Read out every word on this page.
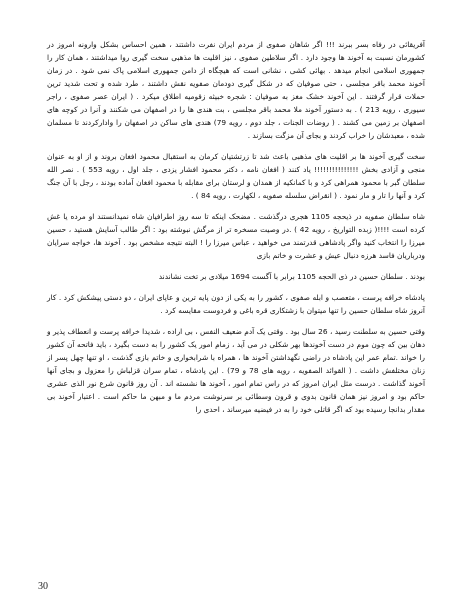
آفریقائی در رفاه بسر ببرند !!! اگر شاهان صفوی از مردم ایران نفرت داشتند ، همین احساس بشکل وارونه امروز در کشورمان نسبت به آخوند ها وجود دارد . اگر سلاطین صفوی ، نیز اقلیت ها مذهبی سخت گیری روا میداشتند ، همان کار را جمهوری اسلامی انجام میدهد . بهائی کشی ، نشانی است که هیچگاه از دامن جمهوری اسلامی پاک نمی شود . در زمان آخوند محمد باقر مجلسی ، حتی صوفیان که در شکل گیری دودمان صفویه نقش داشتند ، طرد شده و تحت شدید ترین حملات قرار گرفتند . این آخوند خشک مغز به صوفیان : شجره خبیثه زقومیه اطلاق میکرد . ( ایران عصر صفوی ، راجر سیوری ، رویه 213 ) . به دستور آخوند ملا محمد باقر مجلسی ، بت هندی ها را در اصفهان می شکنند و آنرا در کوچه های اصفهان بر زمین می کشند . ( روضات الجنات ، جلد دوم ، رویه 79) هندی های ساکن در اصفهان را وادارکردند تا مسلمان شده ، معبدشان را خراب کردند و بجای آن مزگت بسازند .

سخت گیری آخوند ها بر اقلیت های مذهبی باعث شد تا زرتشتیان کرمان به استقبال محمود افغان بروند و از او به عنوان منجی و آزادی بخش !!!!!!!!!!!!!!! یاد کنند ( افغان نامه ، دکتر محمود افشار یزدی ، جلد اول ، رویه 553 ) . نصر الله سلطان گبر با محمود همراهی کرد و با کمانکیه از همدان و لرستان برای مقابله با محمود افغان آماده بودند ، رجل با آن جنگ کرد و آنها را تار و مار نمود . ( انقراض سلسله صفویه ، لکهارت ، رویه 84 ) .

شاه سلطان صفویه در ذیحجه 1105 هجری درگذشت . مضحک اینکه تا سه روز اطرافیان شاه نمیدانستند او مرده یا غش کرده است !!!!( زبده التواریخ ، رویه 42 ) .در وصیت مسخره تر از مرگش نبوشته بود : اگر طالب آسایش هستید ، حسین میرزا را انتخاب کنید واگر پادشاهی قدرتمند می خواهید ، عباس میرزا را ! البته نتیجه مشخص بود . آخوند ها، خواجه سرایان ودرباریان فاسد هرزه دنبال عیش و عشرت و خاتم بازی

بودند . سلطان حسین در ذی الحجه 1105 برابر با آگست 1694 میلادی بر تخت نشاندند

پادشاه خرافه پرست ، متعصب و ابله صفوی ، کشور را به یکی از دون پایه ترین و عاپای ایران ، دو دستی پیشکش کرد . کار آنروز شاه سلطان حسین را تنها میتوان با زشتکاری قره باغی و فردوست مقایسه کرد .

وقتی حسین به سلطنت رسید ، 26 سال بود . وقتی یک آدم ضعیف النفس ، بی اراده ، شدیدا خرافه پرست و انعطاف پذیر و دهان بین که چون موم در دست آخوندها بهر شکلی در می آید ، زمام امور یک کشور را به دست بگیرد ، باید فاتحه آن کشور را خواند .تمام عمر این پادشاه در راضی نگهداشتن آخوند ها ، همراه با شرابخواری و خاتم بازی گذشت ، او تنها چهل پسر از زنان مختلفش داشت . ( القوائد الصفویه ، رویه های 78 و 79) . این پادشاه ، تمام سران قزلباش را معزول و بجای آنها آخوند گذاشت . درست مثل ایران امروز که در راس تمام امور ، آخوند ها نشسته اند . آن روز قانون شرع نور الذی عشری حاکم بود و امروز نیز همان قانون بدوی و قرون وسطائی بر سرنوشت مردم ما و مبهن ما حاکم است . اعتبار آخوند بی مقدار بدانجا رسیده بود که اگر قاتلی خود را به در فیضیه میرساند ، احدی را

30
